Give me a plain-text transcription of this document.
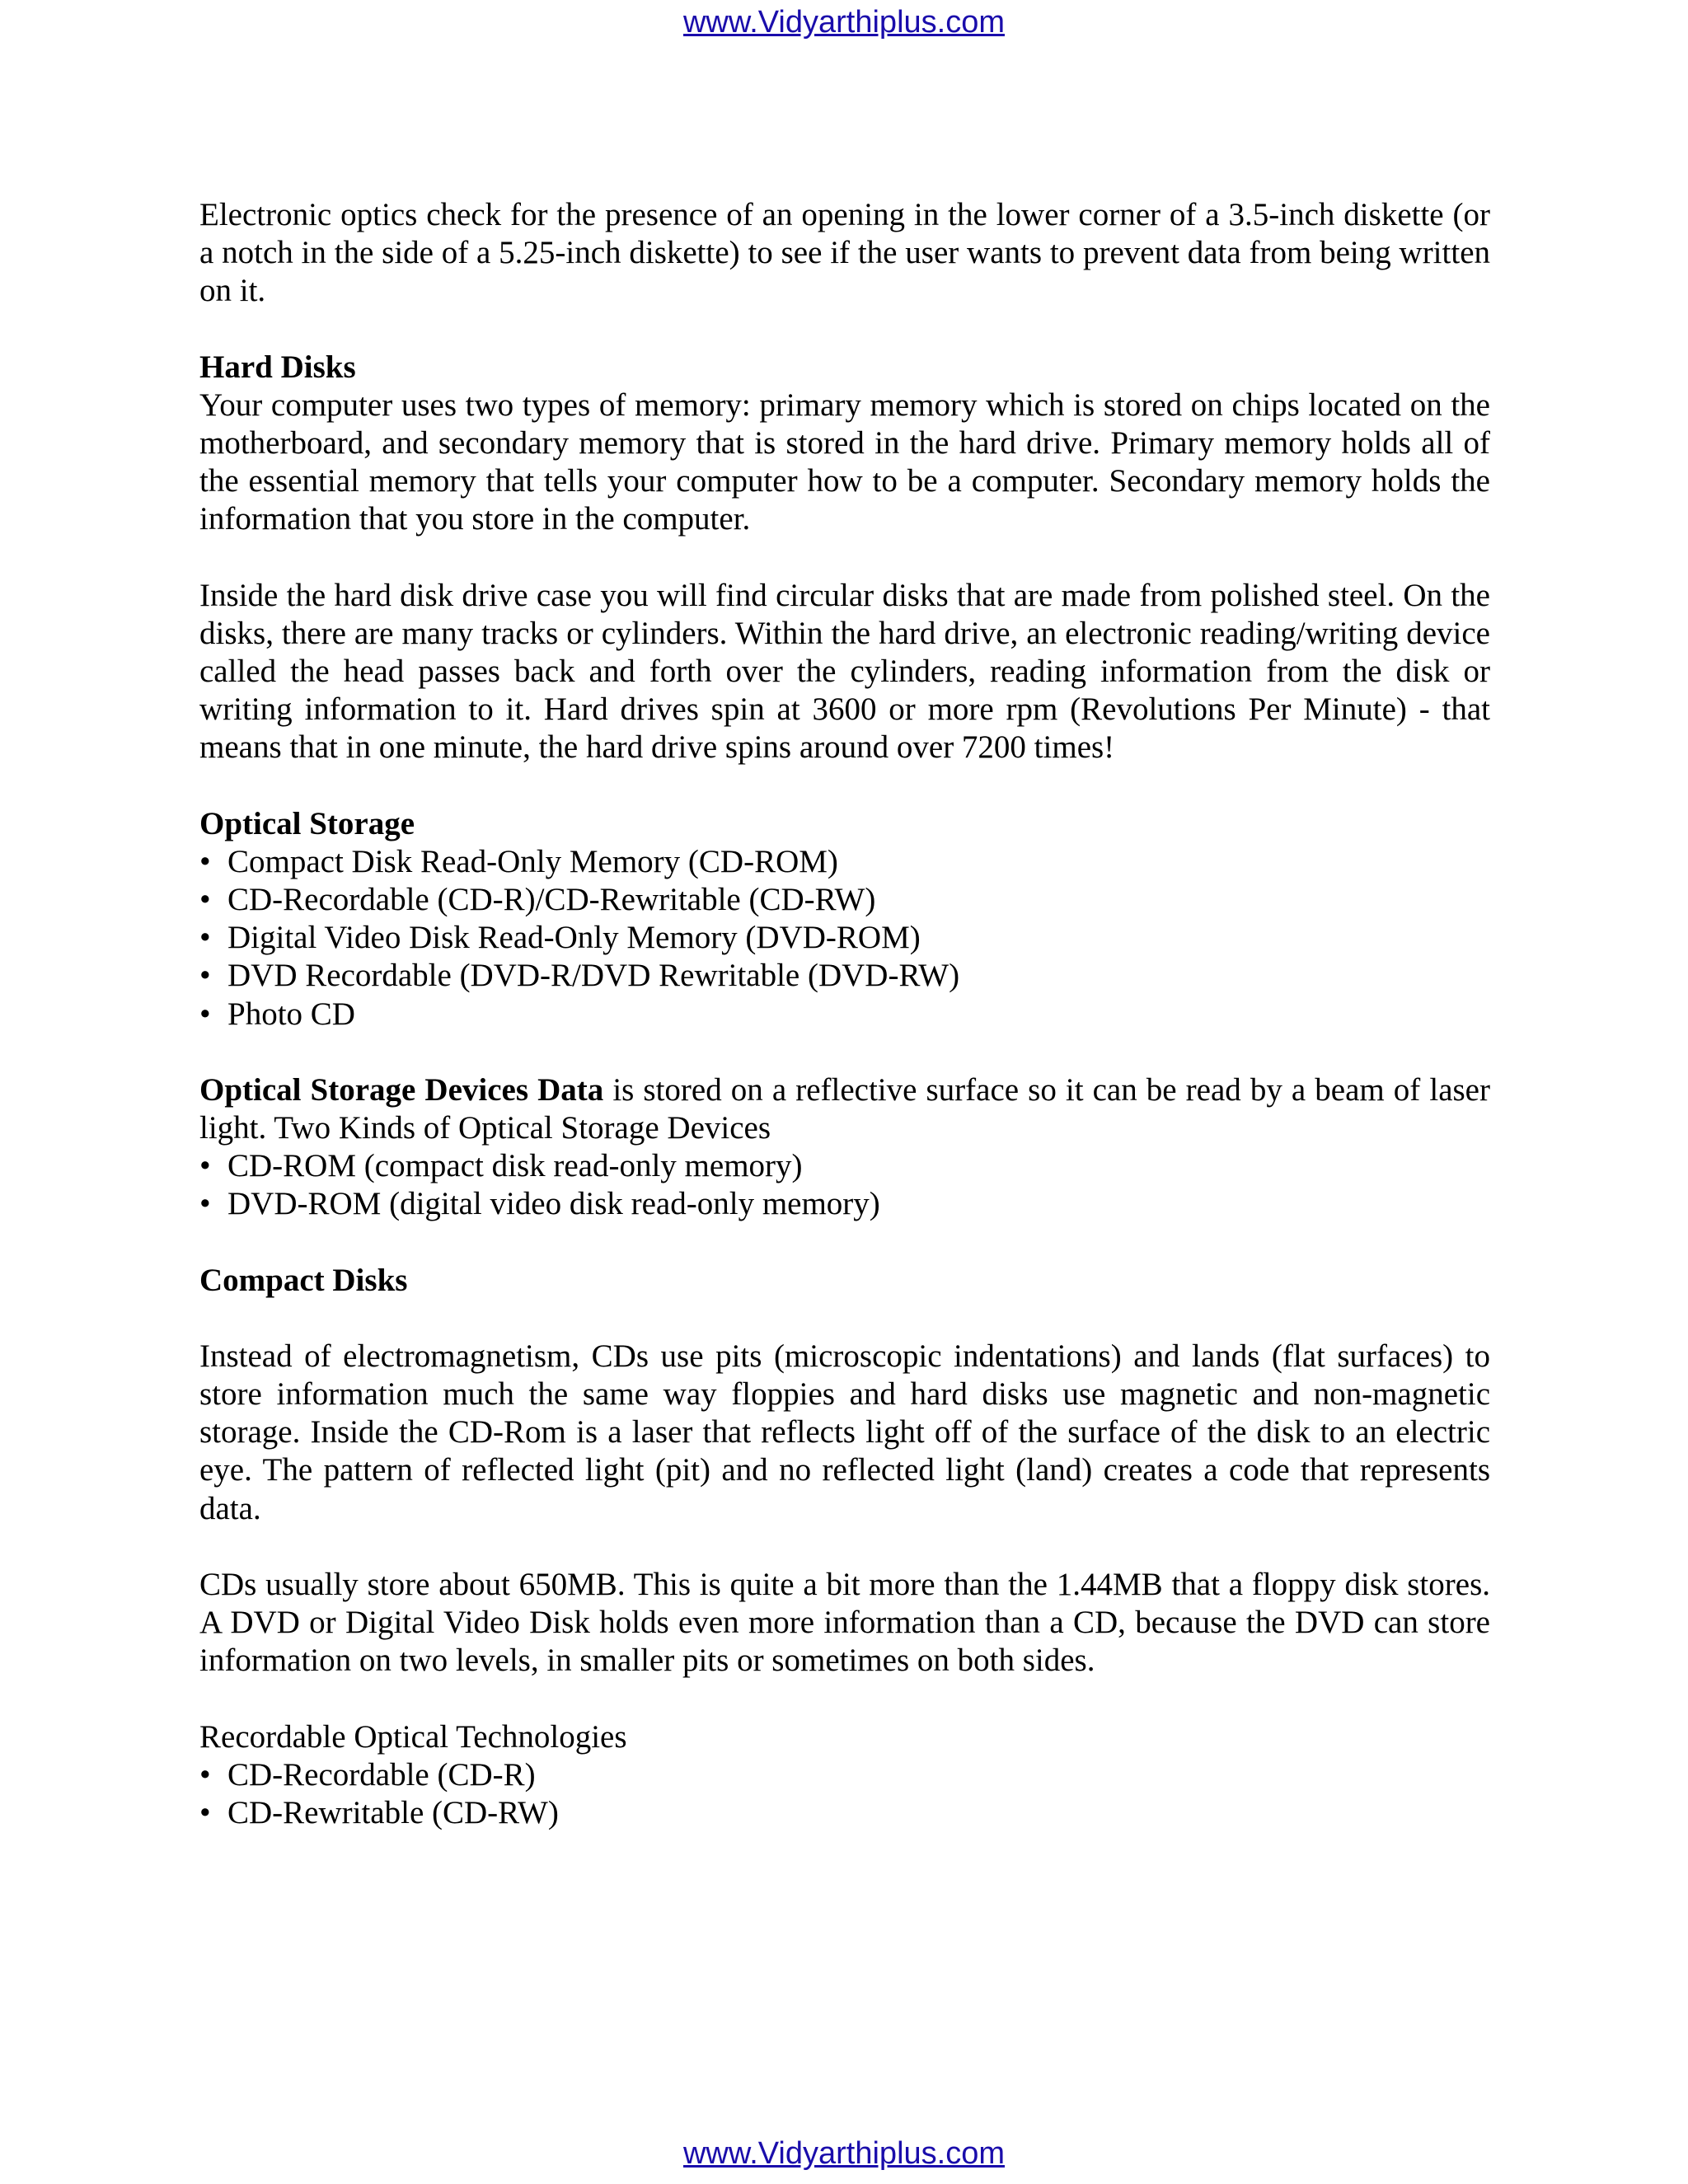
www.Vidyarthiplus.com

Electronic optics check for the presence of an opening in the lower corner of a 3.5-inch diskette (or a notch in the side of a 5.25-inch diskette) to see if the user wants to prevent data from being written on it.

Hard Disks

Your computer uses two types of memory: primary memory which is stored on chips located on the motherboard, and secondary memory that is stored in the hard drive. Primary memory holds all of the essential memory that tells your computer how to be a computer. Secondary memory holds the information that you store in the computer.

Inside the hard disk drive case you will find circular disks that are made from polished steel. On the disks, there are many tracks or cylinders. Within the hard drive, an electronic reading/writing device called the head passes back and forth over the cylinders, reading information from the disk or writing information to it. Hard drives spin at 3600 or more rpm (Revolutions Per Minute) - that means that in one minute, the hard drive spins around over 7200 times!

Optical Storage
• Compact Disk Read-Only Memory (CD-ROM)
• CD-Recordable (CD-R)/CD-Rewritable (CD-RW)
• Digital Video Disk Read-Only Memory (DVD-ROM)
• DVD Recordable (DVD-R/DVD Rewritable (DVD-RW)
• Photo CD

Optical Storage Devices Data is stored on a reflective surface so it can be read by a beam of laser light. Two Kinds of Optical Storage Devices

• CD-ROM (compact disk read-only memory)
• DVD-ROM (digital video disk read-only memory)
Compact Disks

Instead of electromagnetism, CDs use pits (microscopic indentations) and lands (flat surfaces) to store information much the same way floppies and hard disks use magnetic and non-magnetic storage. Inside the CD-Rom is a laser that reflects light off of the surface of the disk to an electric eye. The pattern of reflected light (pit) and no reflected light (land) creates a code that represents data.

CDs usually store about 650MB. This is quite a bit more than the 1.44MB that a floppy disk stores. A DVD or Digital Video Disk holds even more information than a CD, because the DVD can store information on two levels, in smaller pits or sometimes on both sides.

Recordable Optical Technologies
• CD-Recordable (CD-R)
• CD-Rewritable (CD-RW)
www.Vidyarthiplus.com
